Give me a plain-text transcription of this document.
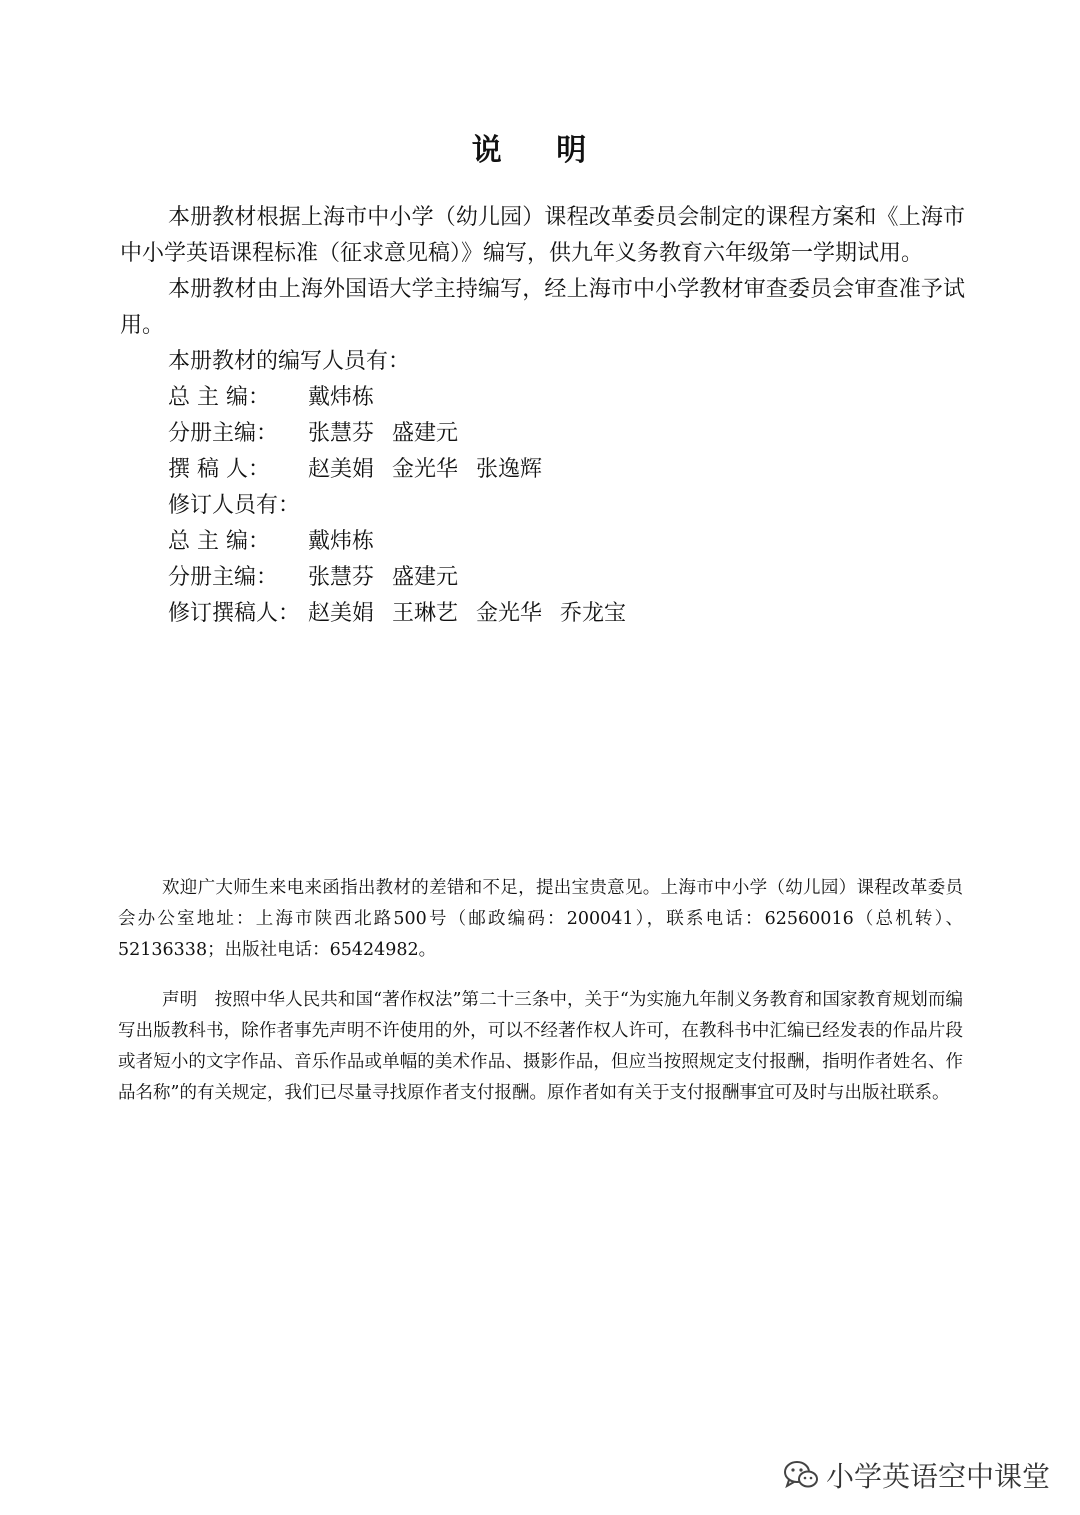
说 明

本册教材根据上海市中小学（幼儿园）课程改革委员会制定的课程方案和《上海市中小学英语课程标准（征求意见稿）》编写，供九年义务教育六年级第一学期试用。

本册教材由上海外国语大学主持编写，经上海市中小学教材审查委员会审查准予试用。

本册教材的编写人员有：

总 主 编： 戴炜栋

分册主编： 张慧芬 盛建元

撰 稿 人： 赵美娟 金光华 张逸辉

修订人员有：

总 主 编： 戴炜栋

分册主编： 张慧芬 盛建元

修订撰稿人： 赵美娟 王琳艺 金光华 乔龙宝

欢迎广大师生来电来函指出教材的差错和不足，提出宝贵意见。上海市中小学（幼儿园）课程改革委员会办公室地址：上海市陕西北路500号（邮政编码：200041），联系电话：62560016（总机转）、52136338；出版社电话：65424982。

声明　按照中华人民共和国“著作权法”第二十三条中，关于“为实施九年制义务教育和国家教育规划而编写出版教科书，除作者事先声明不许使用的外，可以不经著作权人许可，在教科书中汇编已经发表的作品片段或者短小的文字作品、音乐作品或单幅的美术作品、摄影作品，但应当按照规定支付报酬，指明作者姓名、作品名称”的有关规定，我们已尽量寻找原作者支付报酬。原作者如有关于支付报酬事宜可及时与出版社联系。

小学英语空中课堂
